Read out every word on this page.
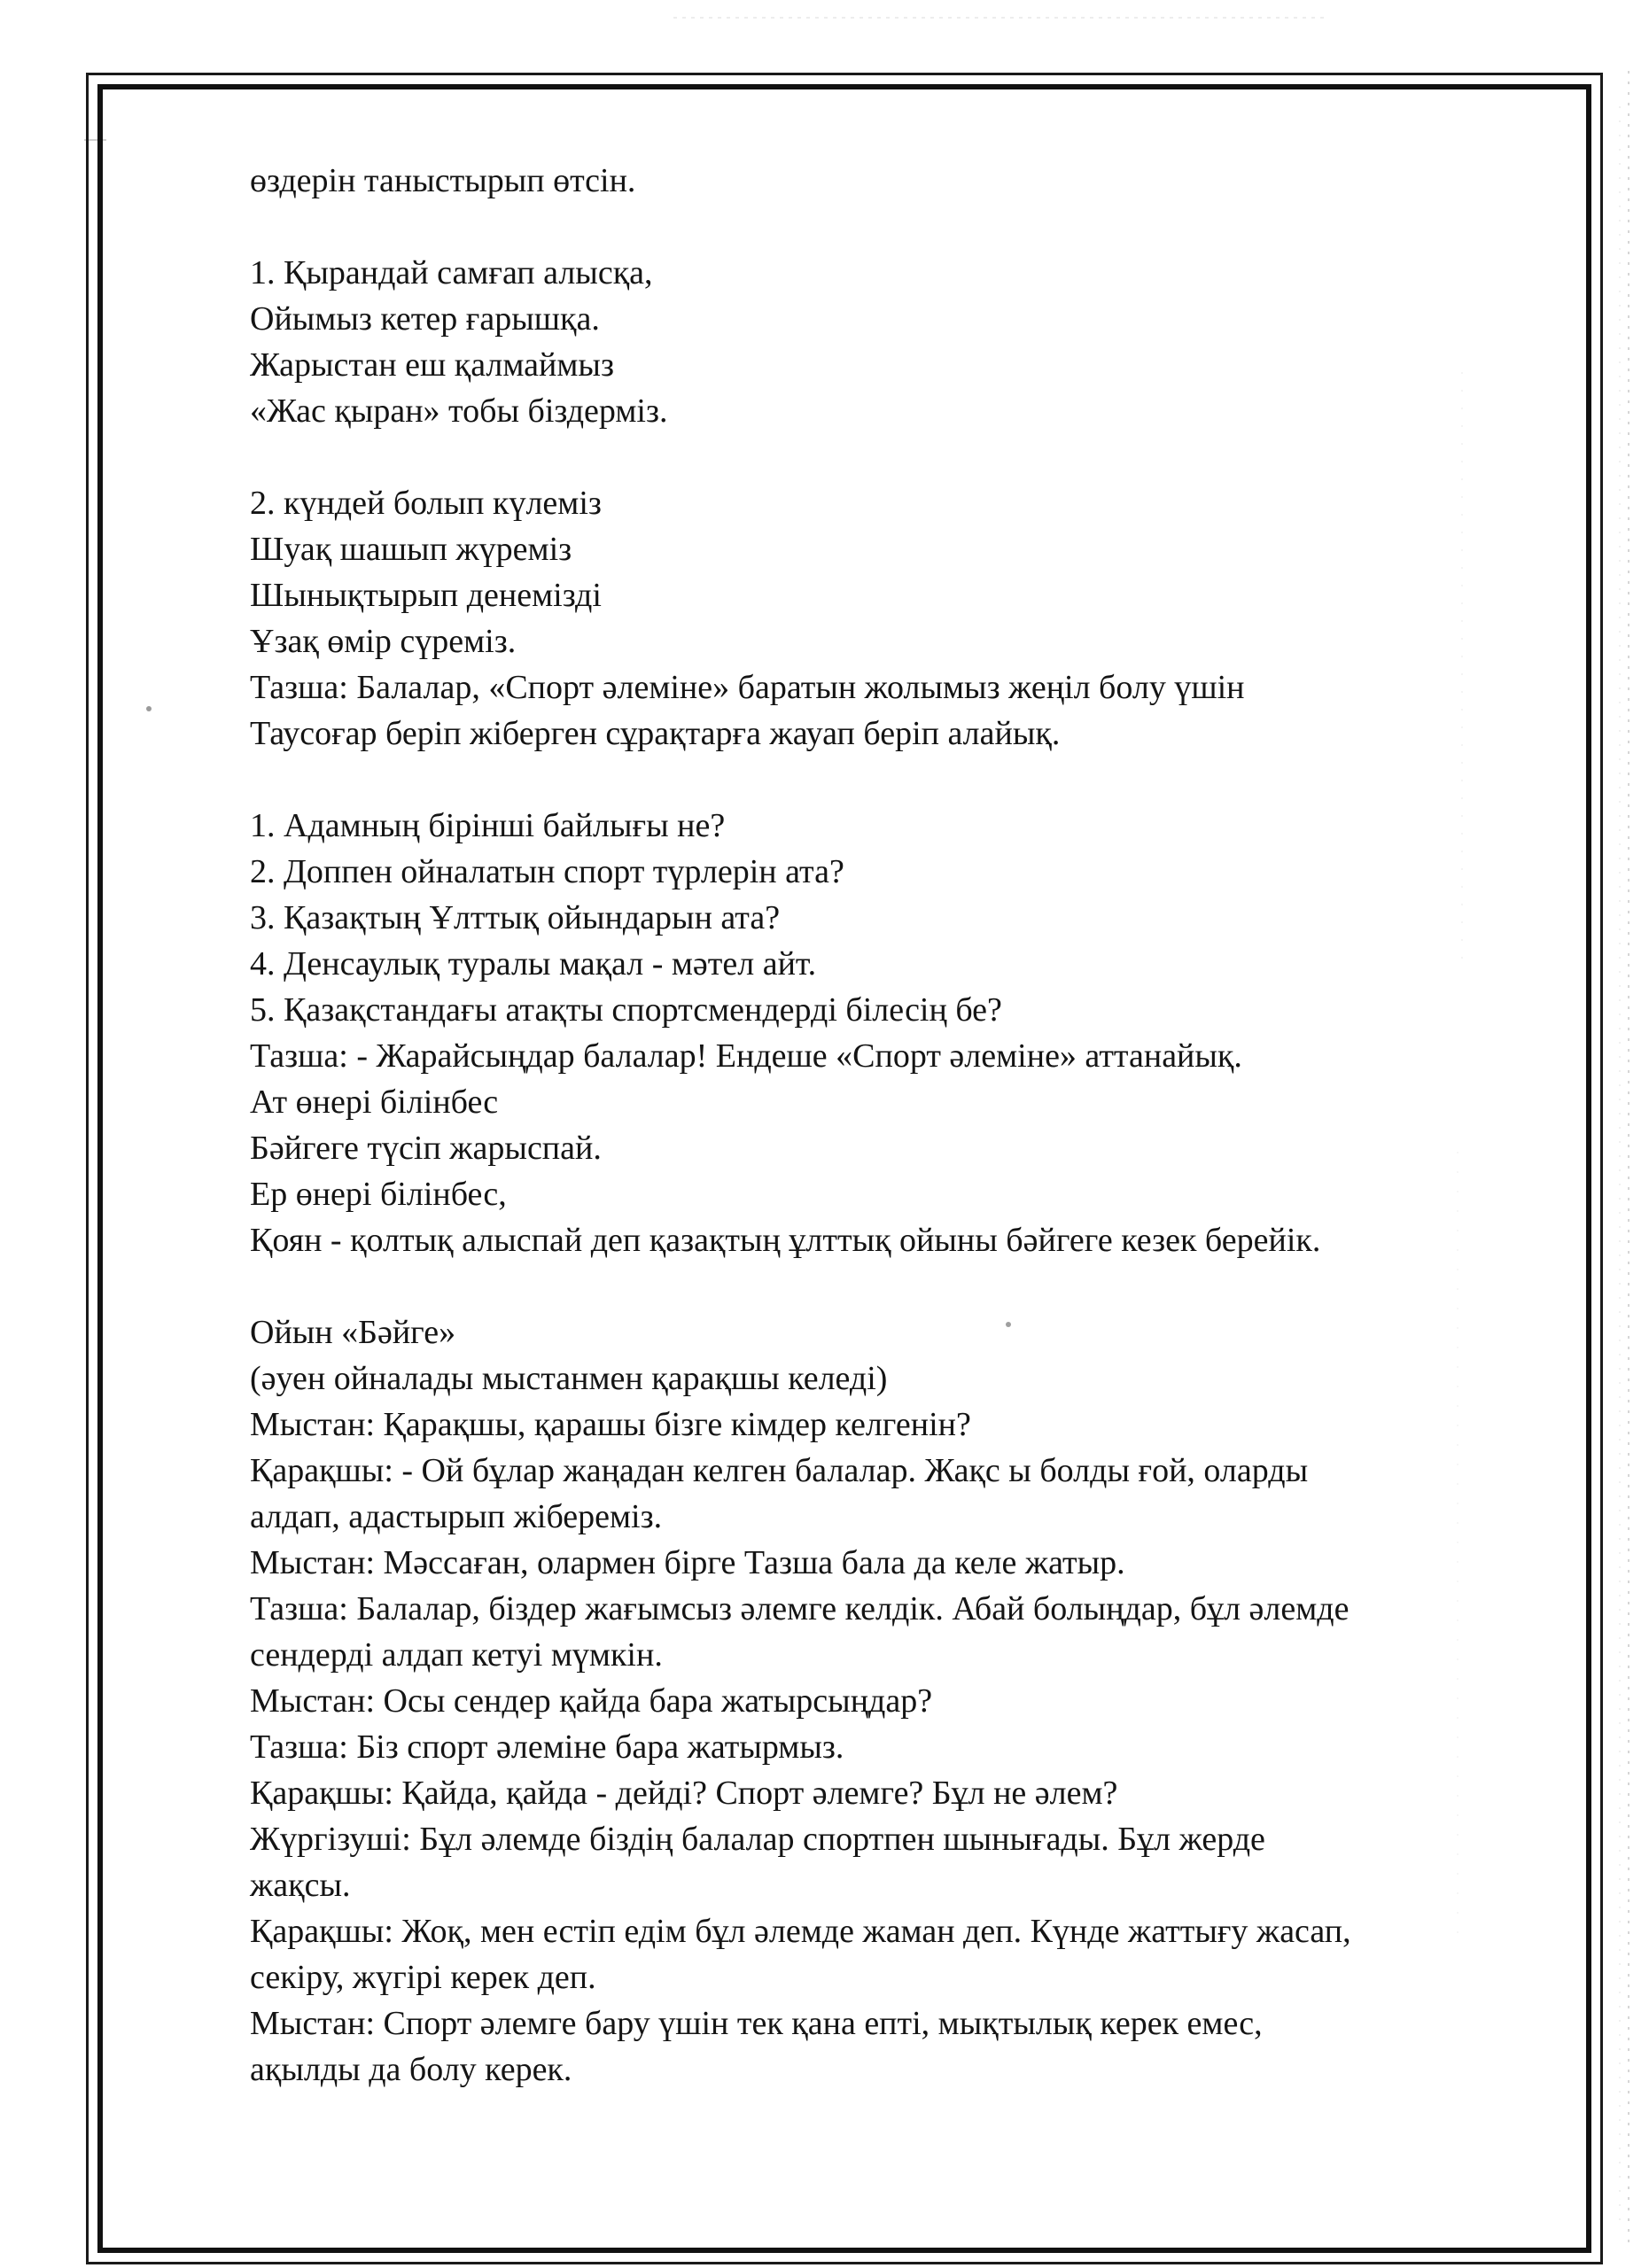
өздерін таныстырып өтсін.
1. Қырандай самғап алысқа,
Ойымыз кетер ғарышқа.
Жарыстан еш қалмаймыз
«Жас қыран» тобы біздерміз.
2. күндей болып күлеміз
Шуақ шашып жүреміз
Шынықтырып денемізді
Ұзақ өмір сүреміз.
Тазша: Балалар, «Спорт әлеміне» баратын жолымыз жеңіл болу үшін
Таусоғар беріп жіберген сұрақтарға жауап беріп алайық.
1. Адамның бірінші байлығы не?
2. Доппен ойналатын спорт түрлерін ата?
3. Қазақтың Ұлттық ойындарын ата?
4. Денсаулық туралы мақал - мәтел айт.
5. Қазақстандағы атақты спортсмендерді білесің бе?
Тазша: - Жарайсыңдар балалар! Ендеше «Спорт әлеміне» аттанайық.
Ат өнері білінбес
Бәйгеге түсіп жарыспай.
Ер өнері білінбес,
Қоян - қолтық алыспай деп қазақтың ұлттық ойыны бәйгеге кезек берейік.
Ойын «Бәйге»
(әуен ойналады мыстанмен қарақшы келеді)
Мыстан: Қарақшы, қарашы бізге кімдер келгенін?
Қарақшы: - Ой бұлар жаңадан келген балалар. Жақс ы болды ғой, оларды
алдап, адастырып жібереміз.
Мыстан: Мәссаған, олармен бірге Тазша бала да келе жатыр.
Тазша: Балалар, біздер жағымсыз әлемге келдік. Абай болыңдар, бұл әлемде
сендерді алдап кетуі мүмкін.
Мыстан: Осы сендер қайда бара жатырсыңдар?
Тазша: Біз спорт әлеміне бара жатырмыз.
Қарақшы: Қайда, қайда - дейді? Спорт әлемге? Бұл не әлем?
Жүргізуші: Бұл әлемде біздің балалар спортпен шынығады. Бұл жерде
жақсы.
Қарақшы: Жоқ, мен естіп едім бұл әлемде жаман деп. Күнде жаттығу жасап,
секіру, жүгірі керек деп.
Мыстан: Спорт әлемге бару үшін тек қана епті, мықтылық керек емес,
ақылды да болу керек.
